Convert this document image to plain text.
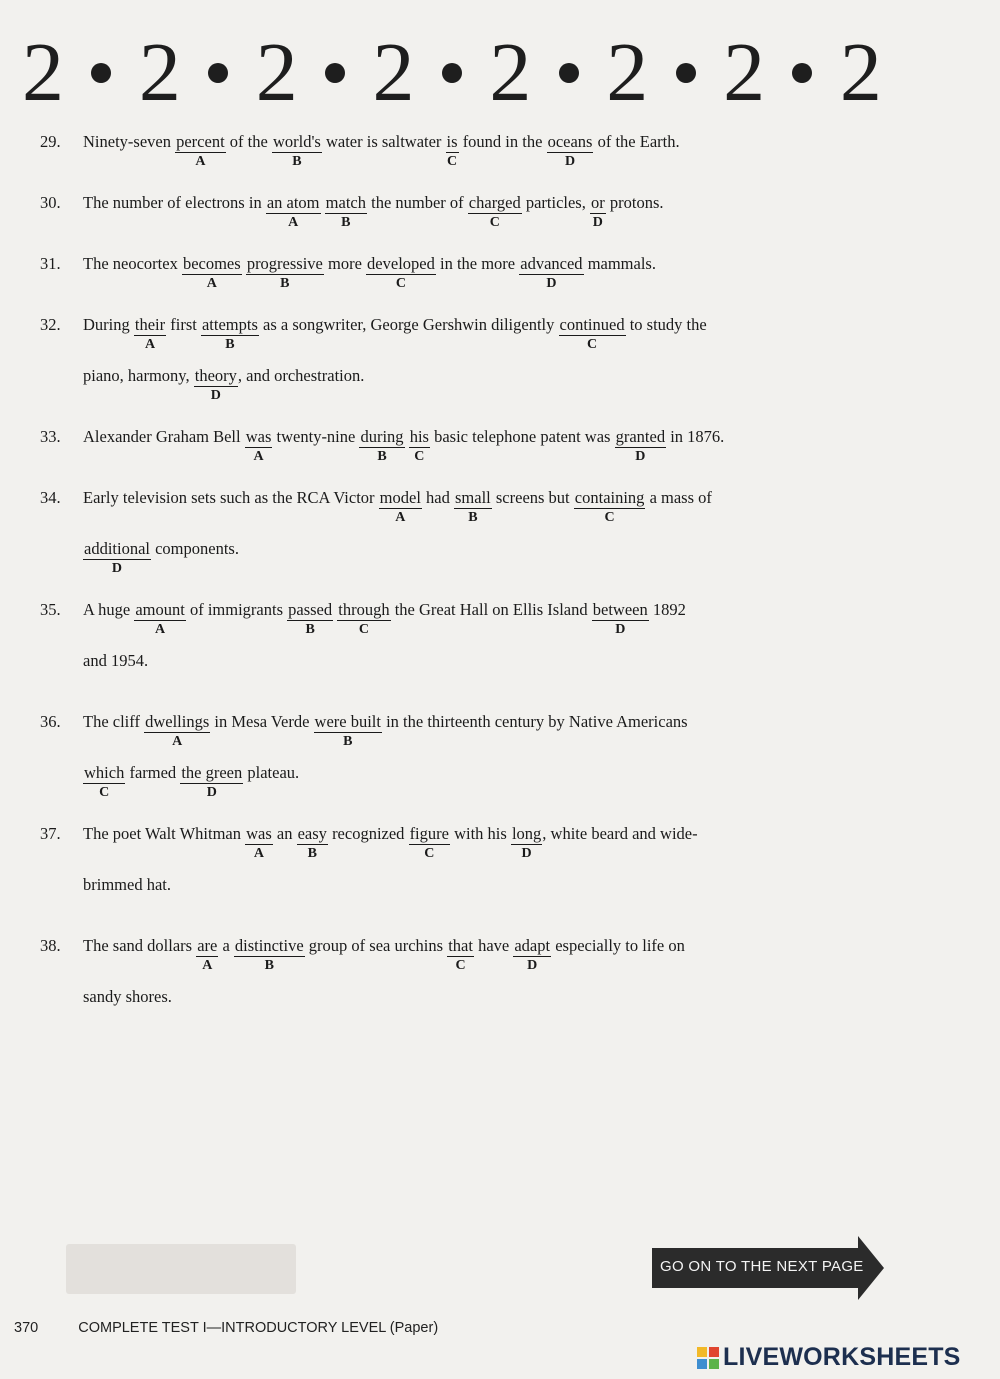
2 2 2 2 2 2 2 2
29.	Ninety-seven percent
A
of the world's
B
water is saltwater $\frac{is}{C}$ found in the oceans
D
of the Earth.
30.	The number of electrons in an atom
A

match
B
the number of charged
C
particles, $\frac{or}{D}$ protons.
31.	The neocortex becomes
A

progressive
B
more developed
C
in the more advanced
D
mammals.
32.	During their
A
first attempts
B
as a songwriter, George Gershwin diligently continued
C
to study the
piano, harmony, theory
D
, and orchestration.
33.	Alexander Graham Bell was
A
twenty-nine during
B

his
C
basic telephone patent was granted
D
in 1876.
34.	Early television sets such as the RCA Victor model
A
had small
B
screens but containing
C
a mass of
additional
D
components.
35.	A huge amount
A
of immigrants passed
B

through
C
the Great Hall on Ellis Island between
D
1892
and 1954.
36.	The cliff dwellings
A
in Mesa Verde were built
B
in the thirteenth century by Native Americans
which
C
farmed the green
D
plateau.
37.	The poet Walt Whitman was
A
an easy
B
recognized figure
C
with his long
D
, white beard and wide-
brimmed hat.
38.	The sand dollars are
A
a distinctive
B
group of sea urchins that
C
have adapt
D
especially to life on
sandy shores.
GO ON TO THE NEXT PAGE
370	COMPLETE TEST I—INTRODUCTORY LEVEL (Paper)
LIVEWORKSHEETS
